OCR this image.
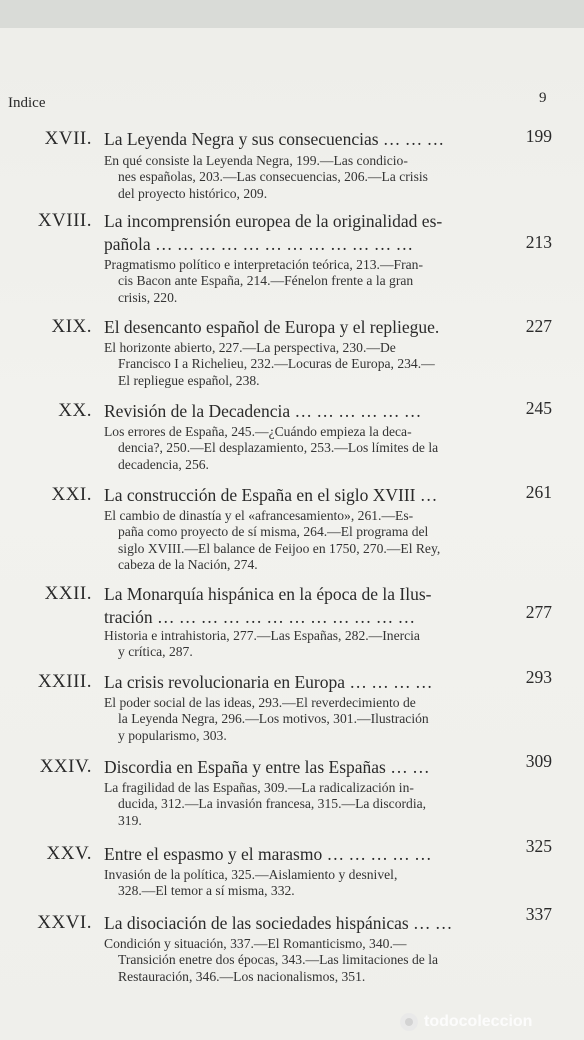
Indice	9
XVII. La Leyenda Negra y sus consecuencias … … …	199
En qué consiste la Leyenda Negra, 199.—Las condicio-
nes españolas, 203.—Las consecuencias, 206.—La crisis
del proyecto histórico, 209.
XVIII. La incomprensión europea de la originalidad es-
pañola … … … … … … … … … … … …	213
Pragmatismo político e interpretación teórica, 213.—Fran-
cis Bacon ante España, 214.—Fénelon frente a la gran
crisis, 220.
XIX. El desencanto español de Europa y el repliegue.	227
El horizonte abierto, 227.—La perspectiva, 230.—De
Francisco I a Richelieu, 232.—Locuras de Europa, 234.—
El repliegue español, 238.
XX. Revisión de la Decadencia … … … … … …	245
Los errores de España, 245.—¿Cuándo empieza la deca-
dencia?, 250.—El desplazamiento, 253.—Los límites de la
decadencia, 256.
XXI. La construcción de España en el siglo XVIII …	261
El cambio de dinastía y el «afrancesamiento», 261.—Es-
paña como proyecto de sí misma, 264.—El programa del
siglo XVIII.—El balance de Feijoo en 1750, 270.—El Rey,
cabeza de la Nación, 274.
XXII. La Monarquía hispánica en la época de la Ilus-
tración … … … … … … … … … … … …	277
Historia e intrahistoria, 277.—Las Españas, 282.—Inercia
y crítica, 287.
XXIII. La crisis revolucionaria en Europa … … … …	293
El poder social de las ideas, 293.—El reverdecimiento de
la Leyenda Negra, 296.—Los motivos, 301.—Ilustración
y popularismo, 303.
XXIV. Discordia en España y entre las Españas … …	309
La fragilidad de las Españas, 309.—La radicalización in-
ducida, 312.—La invasión francesa, 315.—La discordia,
319.
XXV. Entre el espasmo y el marasmo … … … … …	325
Invasión de la política, 325.—Aislamiento y desnivel,
328.—El temor a sí misma, 332.
XXVI. La disociación de las sociedades hispánicas … …	337
Condición y situación, 337.—El Romanticismo, 340.—
Transición enetre dos épocas, 343.—Las limitaciones de la
Restauración, 346.—Los nacionalismos, 351.
todocoleccion
